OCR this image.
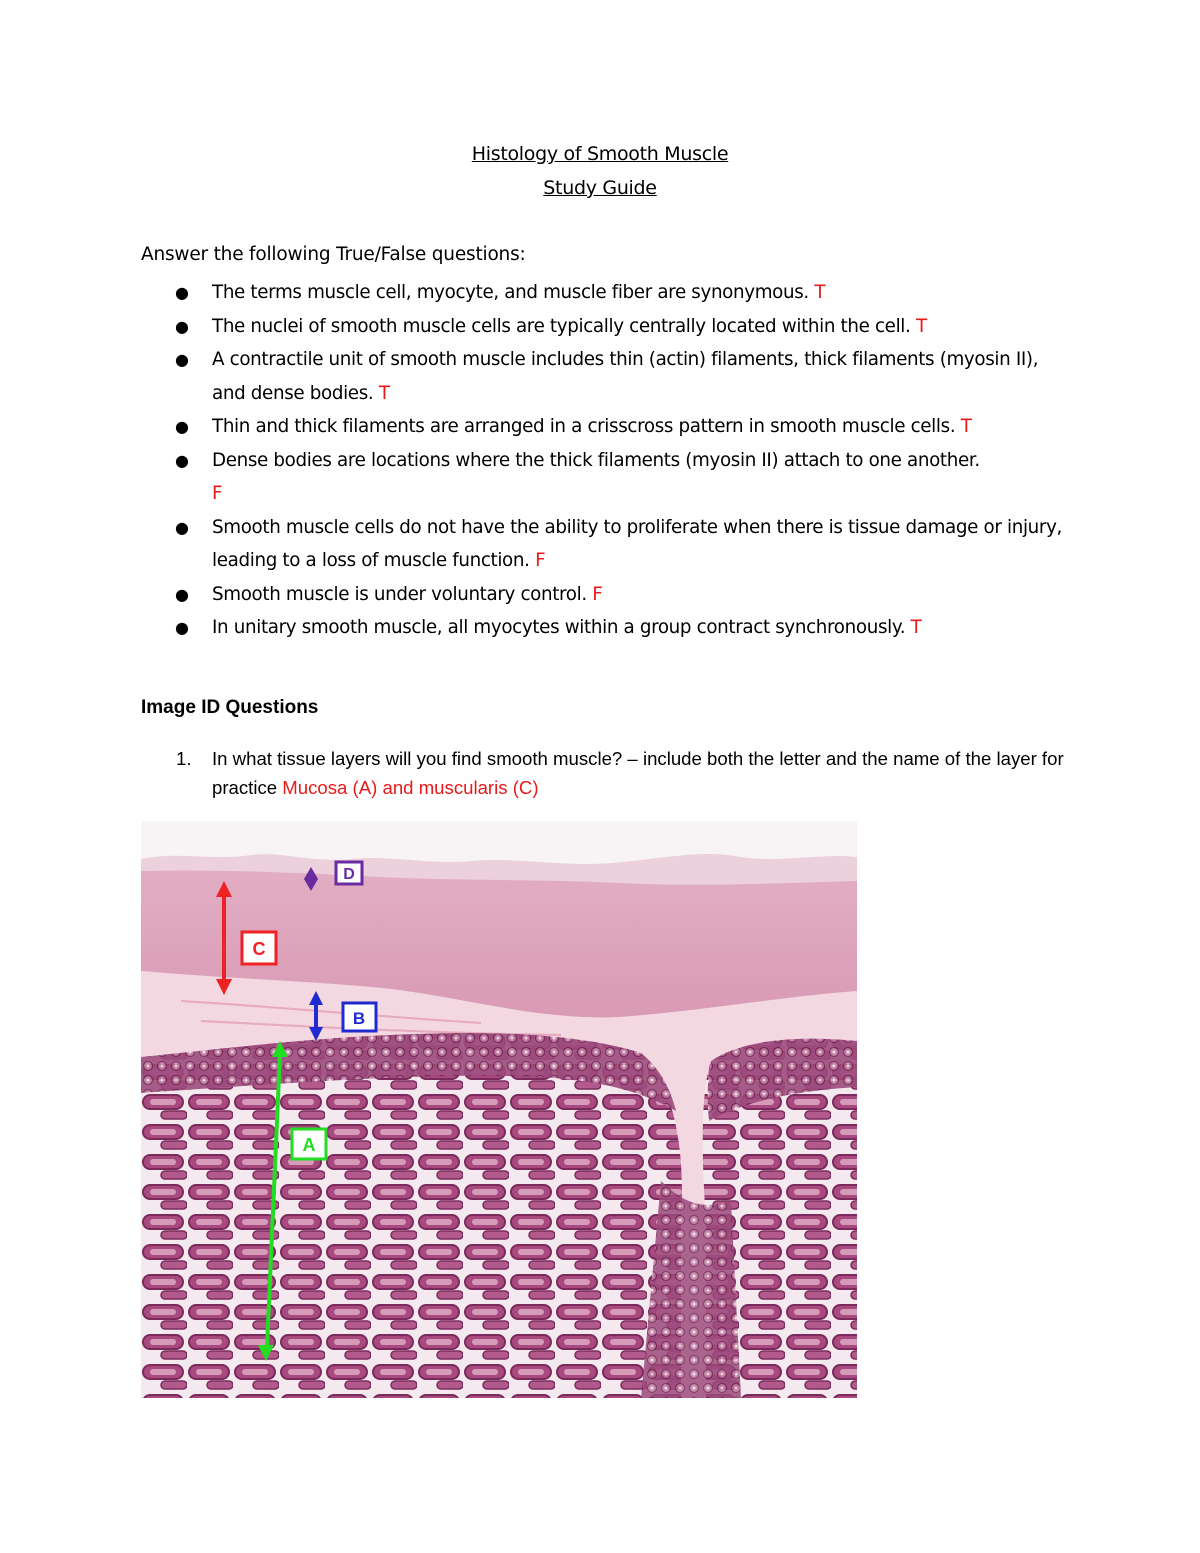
Histology of Smooth Muscle
Study Guide
Answer the following True/False questions:
● The terms muscle cell, myocyte, and muscle fiber are synonymous. T
● The nuclei of smooth muscle cells are typically centrally located within the cell. T
● A contractile unit of smooth muscle includes thin (actin) filaments, thick filaments (myosin II), and dense bodies. T
● Thin and thick filaments are arranged in a crisscross pattern in smooth muscle cells. T
● Dense bodies are locations where the thick filaments (myosin II) attach to one another.
F
● Smooth muscle cells do not have the ability to proliferate when there is tissue damage or injury, leading to a loss of muscle function. F
● Smooth muscle is under voluntary control. F
● In unitary smooth muscle, all myocytes within a group contract synchronously. T
Image ID Questions
1. In what tissue layers will you find smooth muscle? – include both the letter and the name of the layer for practice Mucosa (A) and muscularis (C)
C
D
B
A
